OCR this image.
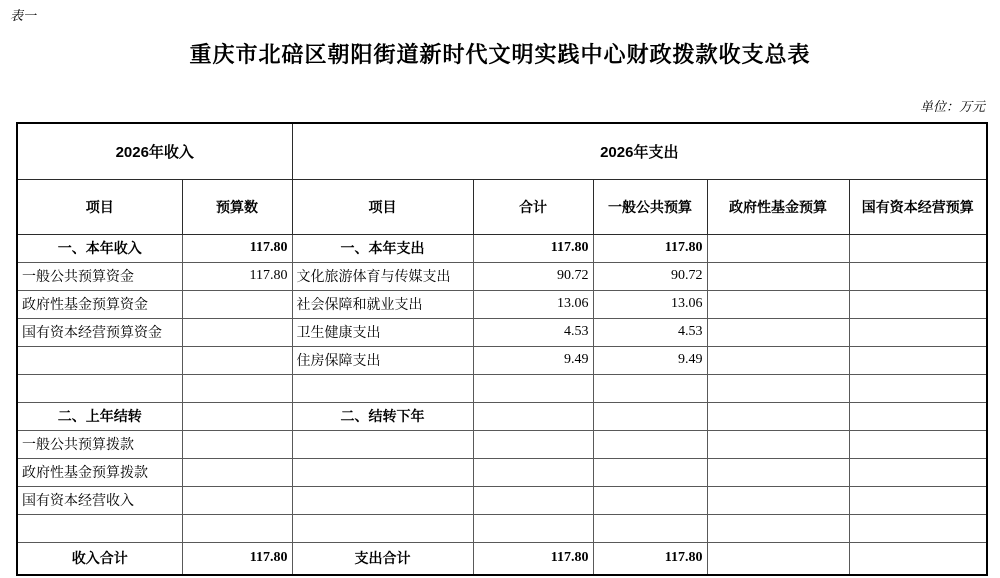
表一
重庆市北碚区朝阳街道新时代文明实践中心财政拨款收支总表
单位：万元
2026年收入		2026年支出				
项目	预算数	项目	合计	一般公共预算	政府性基金预算	国有资本经营预算
一、本年收入	117.80	一、本年支出	117.80	117.80		
一般公共预算资金	117.80	文化旅游体育与传媒支出	90.72	90.72		
政府性基金预算资金		社会保障和就业支出	13.06	13.06		
国有资本经营预算资金		卫生健康支出	4.53	4.53		
		住房保障支出	9.49	9.49		

二、上年结转		二、结转下年				
一般公共预算拨款						
政府性基金预算拨款						
国有资本经营收入						

收入合计	117.80	支出合计	117.80	117.80		
